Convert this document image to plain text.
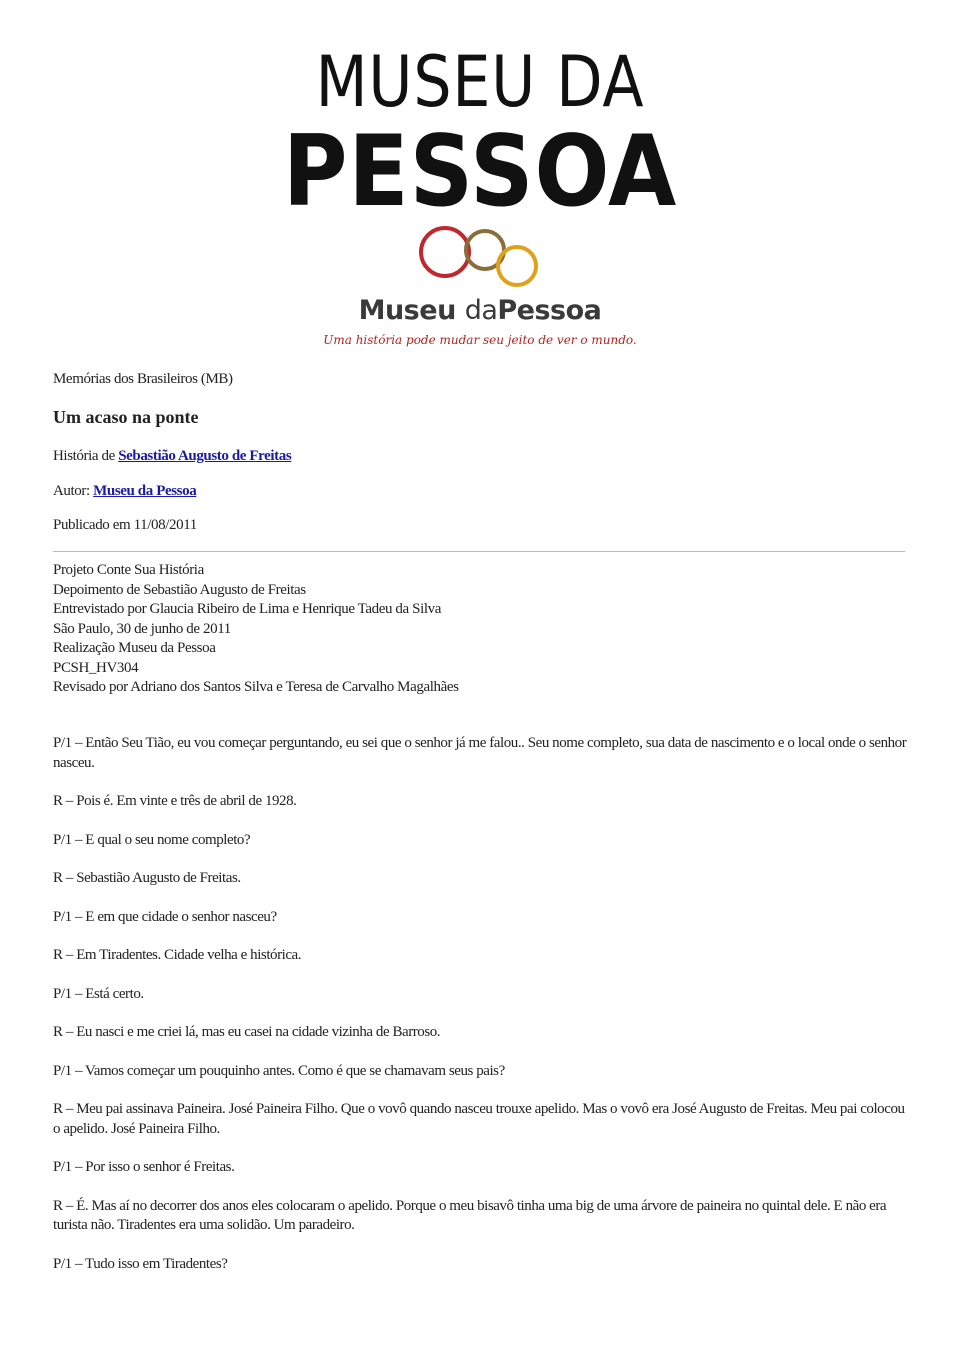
MUSEU DA
PESSOA
Museu daPessoa
Uma história pode mudar seu jeito de ver o mundo.
Memórias dos Brasileiros (MB)
Um acaso na ponte
História de Sebastião Augusto de Freitas
Autor: Museu da Pessoa
Publicado em 11/08/2011
Projeto Conte Sua História
Depoimento de Sebastião Augusto de Freitas
Entrevistado por Glaucia Ribeiro de Lima e Henrique Tadeu da Silva
São Paulo, 30 de junho de 2011
Realização Museu da Pessoa
PCSH_HV304
Revisado por Adriano dos Santos Silva e Teresa de Carvalho Magalhães

P/1 – Então Seu Tião, eu vou começar perguntando, eu sei que o senhor já me falou.. Seu nome completo, sua data de nascimento e o local onde o senhor nasceu.

R – Pois é. Em vinte e três de abril de 1928.

P/1 – E qual o seu nome completo?

R – Sebastião Augusto de Freitas.

P/1 – E em que cidade o senhor nasceu?

R – Em Tiradentes. Cidade velha e histórica.

P/1 – Está certo.

R – Eu nasci e me criei lá, mas eu casei na cidade vizinha de Barroso.

P/1 – Vamos começar um pouquinho antes. Como é que se chamavam seus pais?

R – Meu pai assinava Paineira. José Paineira Filho. Que o vovô quando nasceu trouxe apelido. Mas o vovô era José Augusto de Freitas. Meu pai colocou o apelido. José Paineira Filho.

P/1 – Por isso o senhor é Freitas.

R – É. Mas aí no decorrer dos anos eles colocaram o apelido. Porque o meu bisavô tinha uma big de uma árvore de paineira no quintal dele. E não era turista não. Tiradentes era uma solidão. Um paradeiro.

P/1 – Tudo isso em Tiradentes?
